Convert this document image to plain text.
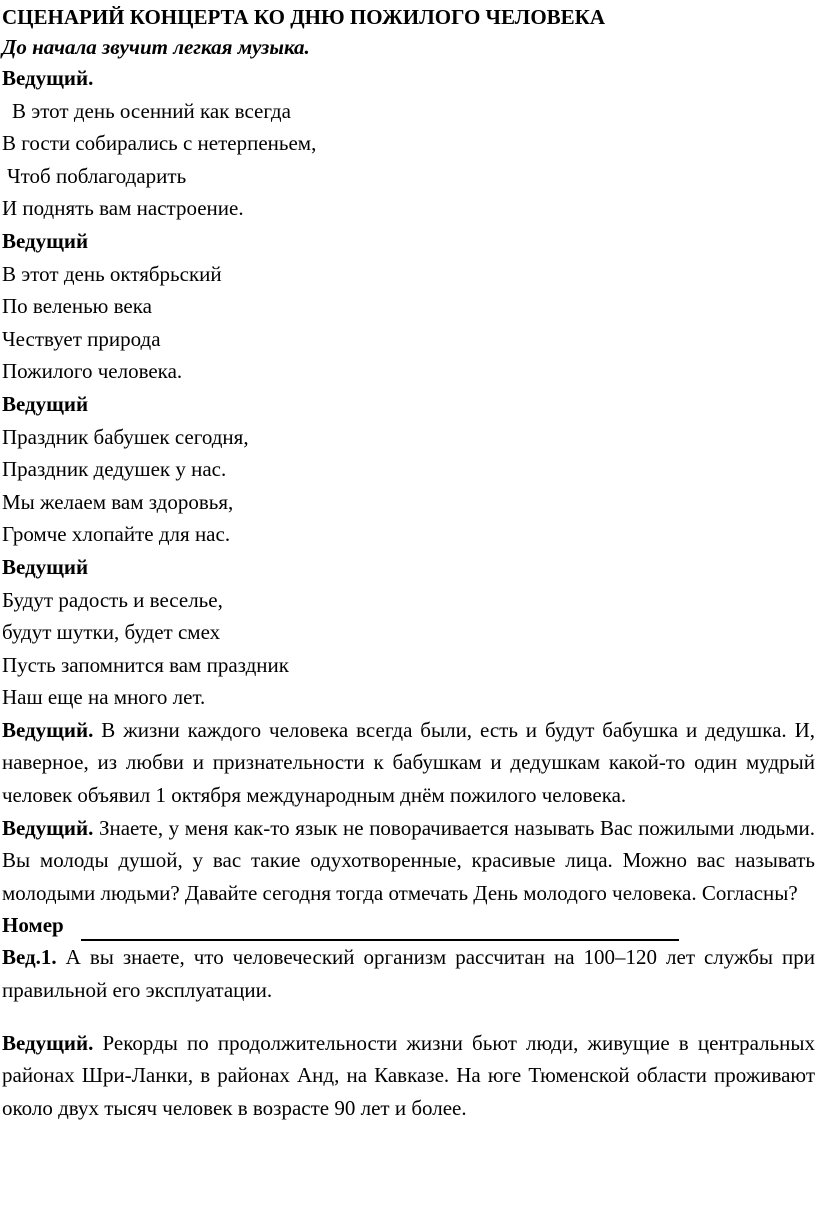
СЦЕНАРИЙ КОНЦЕРТА КО ДНЮ ПОЖИЛОГО ЧЕЛОВЕКА
До начала звучит легкая музыка.
Ведущий.
В этот день осенний как всегда
В гости собирались с нетерпеньем,
Чтоб поблагодарить
И поднять вам настроение.
Ведущий
В этот день октябрьский
По веленью века
Чествует природа
Пожилого человека.
Ведущий
Праздник бабушек сегодня,
Праздник дедушек у нас.
Мы желаем вам здоровья,
Громче хлопайте для нас.
Ведущий
Будут радость и веселье,
будут шутки, будет смех
Пусть запомнится вам праздник
Наш еще на много лет.
Ведущий. В жизни каждого человека всегда были, есть и будут бабушка и дедушка. И, наверное, из любви и признательности к бабушкам и дедушкам какой-то один мудрый человек объявил 1 октября международным днём пожилого человека.
Ведущий. Знаете, у меня как-то язык не поворачивается называть Вас пожилыми людьми. Вы молоды душой, у вас такие одухотворенные, красивые лица. Можно вас называть молодыми людьми? Давайте сегодня тогда отмечать День молодого человека. Согласны?
Номер
Вед.1. А вы знаете, что человеческий организм рассчитан на 100–120 лет службы при правильной его эксплуатации.
Ведущий. Рекорды по продолжительности жизни бьют люди, живущие в центральных районах Шри-Ланки, в районах Анд, на Кавказе. На юге Тюменской области проживают около двух тысяч человек в возрасте 90 лет и более.
